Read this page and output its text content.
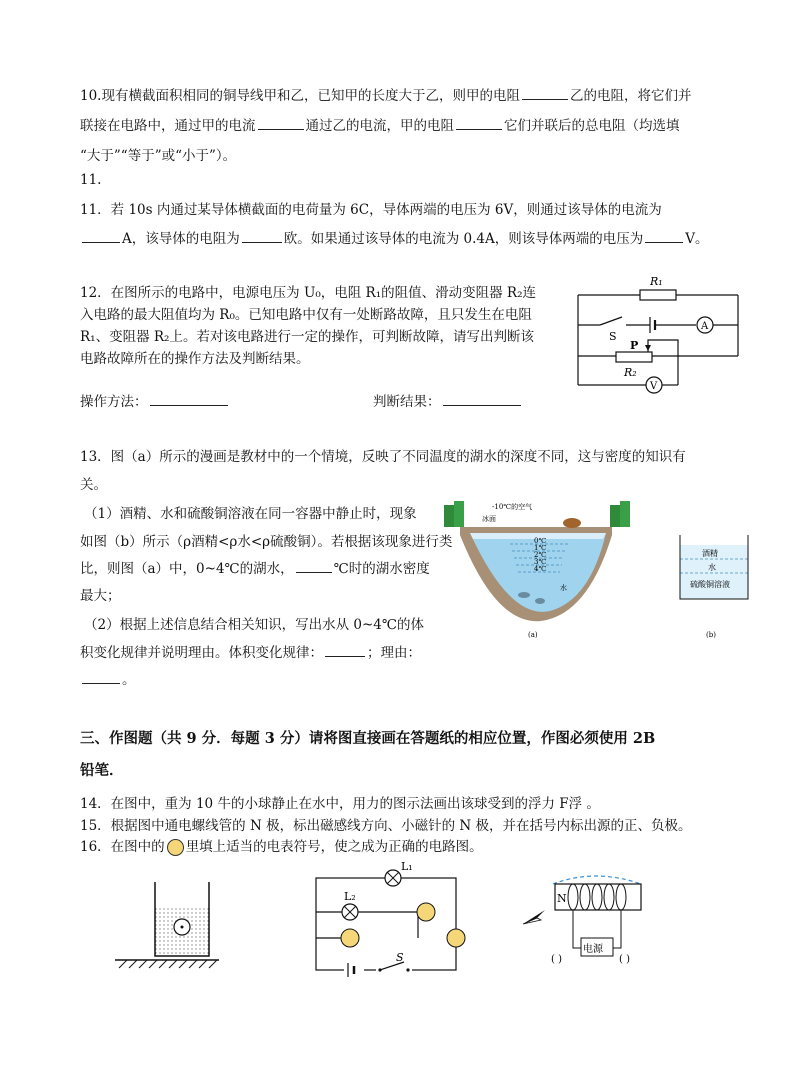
10.现有横截面积相同的铜导线甲和乙，已知甲的长度大于乙，则甲的电阻	乙的电阻，将它们并
联接在电路中，通过甲的电流	通过乙的电流，甲的电阻	它们并联后的总电阻（均选填
“大于”“等于”或“小于”）。
11.
11．若 10s 内通过某导体横截面的电荷量为 6C，导体两端的电压为 6V，则通过该导体的电流为
A，该导体的电阻为	欧。如果通过该导体的电流为 0.4A，则该导体两端的电压为	V。
12．在图所示的电路中，电源电压为 U₀，电阻 R₁的阻值、滑动变阻器 R₂连
入电路的最大阻值均为 R₀。已知电路中仅有一处断路故障，且只发生在电阻
R₁、变阻器 R₂上。若对该电路进行一定的操作，可判断故障，请写出判断该
电路故障所在的操作方法及判断结果。
操作方法：	判断结果：
R₁
S
P
R₂
A
V
13．图（a）所示的漫画是教材中的一个情境，反映了不同温度的湖水的深度不同，这与密度的知识有
关。
（1）酒精、水和硫酸铜溶液在同一容器中静止时，现象
如图（b）所示（ρ酒精<ρ水<ρ硫酸铜）。若根据该现象进行类
比，则图（a）中，0~4℃的湖水，	℃时的湖水密度
最大；
（2）根据上述信息结合相关知识，写出水从 0~4℃的体
积变化规律并说明理由。体积变化规律：	；理由：
。
-10℃的空气
冰面
0℃
1℃
2℃
3℃
4℃
水
(a)
酒精
水
硫酸铜溶液
(b)
三、作图题（共 9 分．每题 3 分）请将图直接画在答题纸的相应位置，作图必须使用 2B
铅笔．
14．在图中，重为 10 牛的小球静止在水中，用力的图示法画出该球受到的浮力 F浮 。
15．根据图中通电螺线管的 N 极，标出磁感线方向、小磁针的 N 极，并在括号内标出源的正、负极。
16．在图中的 里填上适当的电表符号，使之成为正确的电路图。
L₁
L₂
S
N
电源
( )	( )
